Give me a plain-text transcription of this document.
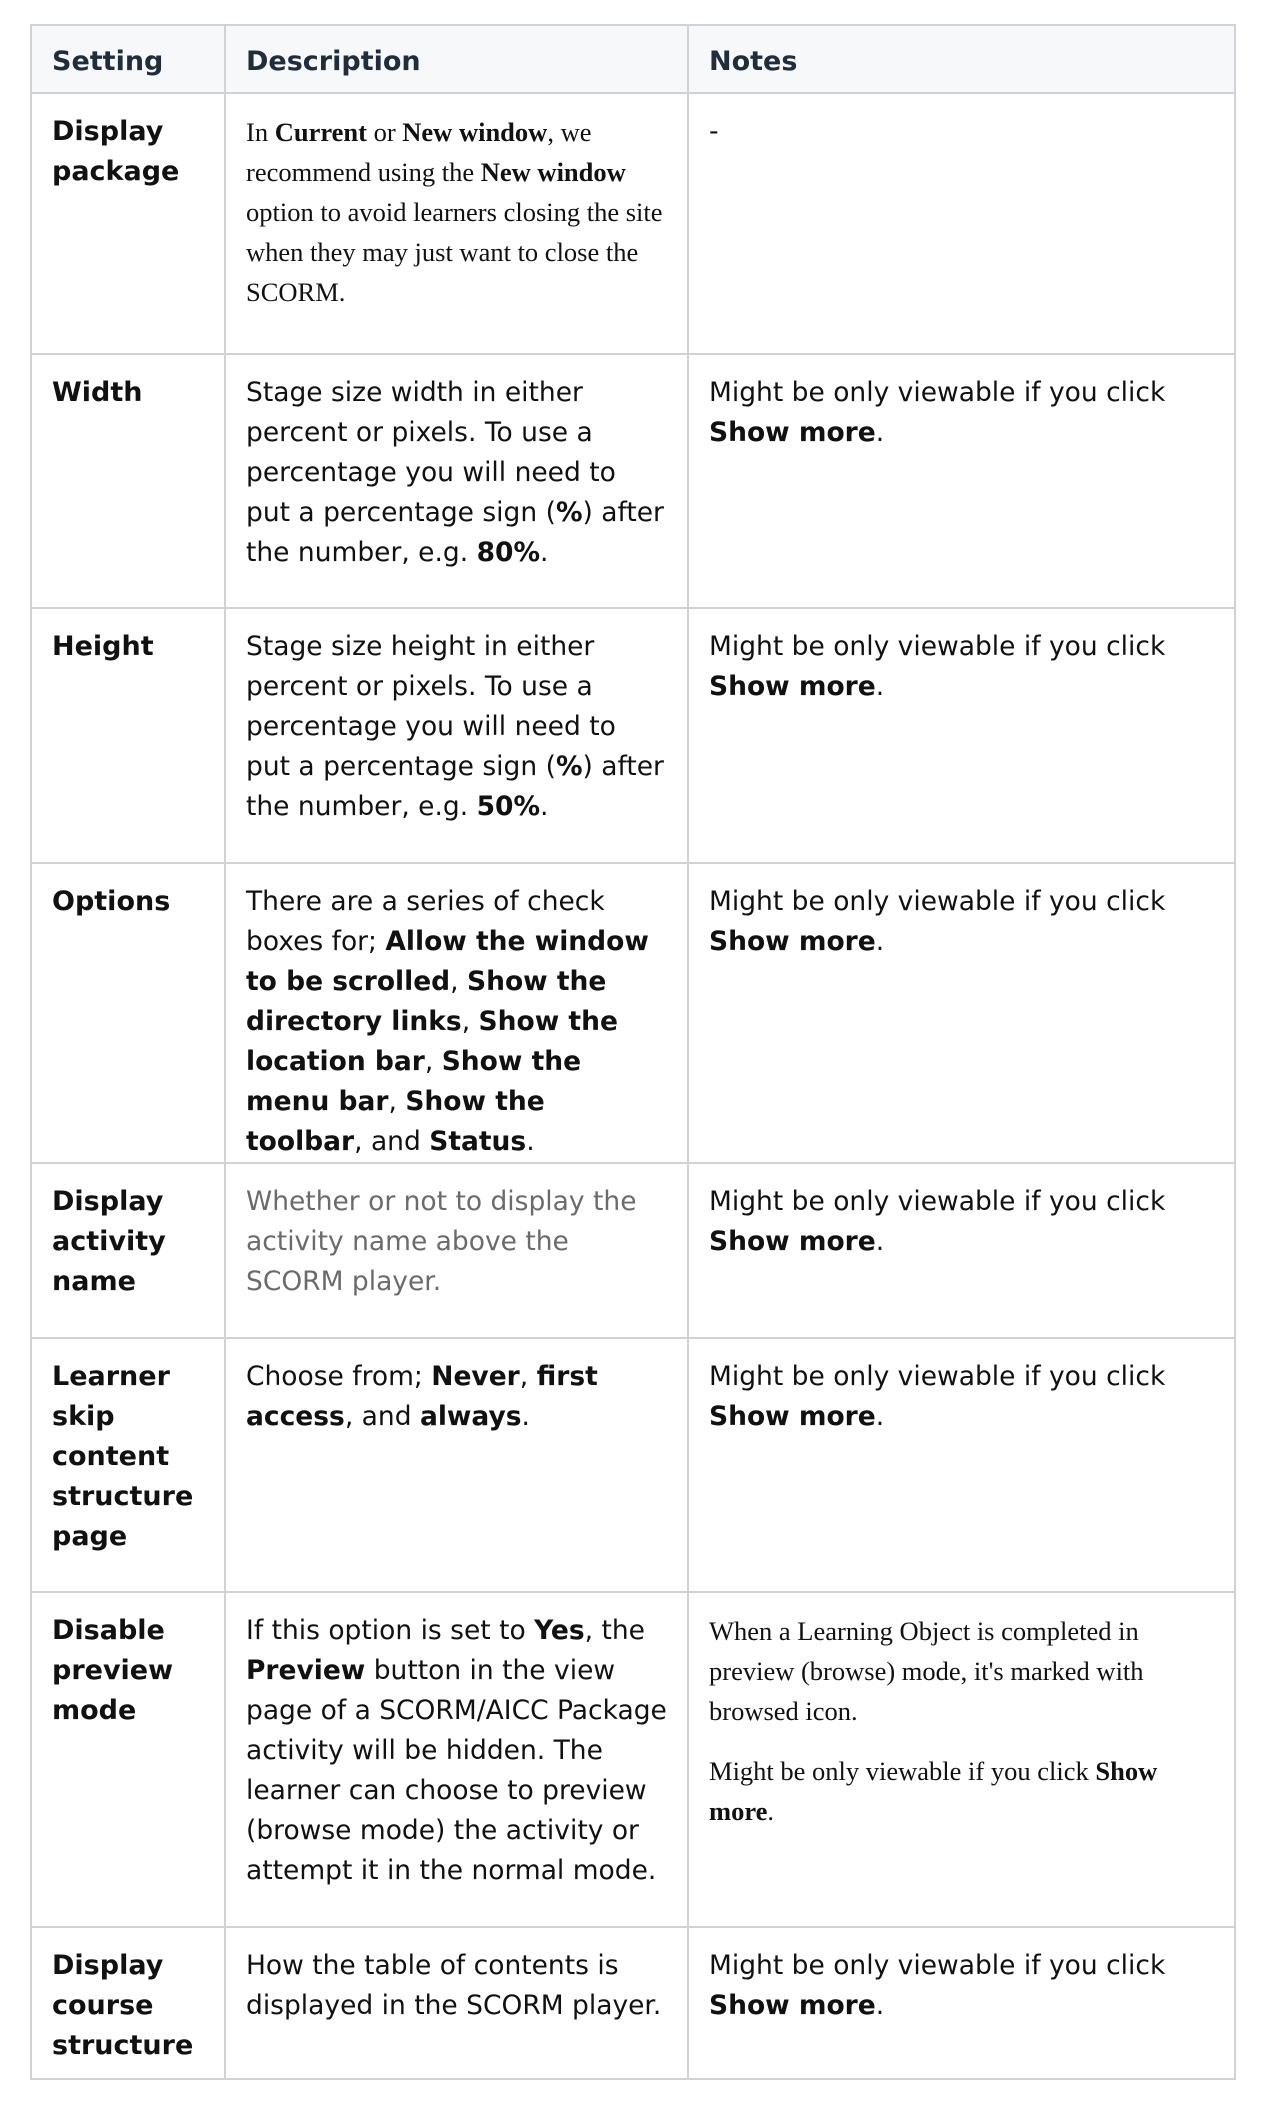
Setting	Description	Notes
Display package	In Current or New window, we recommend using the New window option to avoid learners closing the site when they may just want to close the SCORM.	-
Width	Stage size width in either percent or pixels. To use a percentage you will need to put a percentage sign (%) after the number, e.g. 80%.	Might be only viewable if you click Show more.
Height	Stage size height in either percent or pixels. To use a percentage you will need to put a percentage sign (%) after the number, e.g. 50%.	Might be only viewable if you click Show more.
Options	There are a series of check boxes for; Allow the window to be scrolled, Show the directory links, Show the location bar, Show the menu bar, Show the toolbar, and Status.	Might be only viewable if you click Show more.
Display activity name	Whether or not to display the activity name above the SCORM player.	Might be only viewable if you click Show more.
Learner skip content structure page	Choose from; Never, first access, and always.	Might be only viewable if you click Show more.
Disable preview mode	If this option is set to Yes, the Preview button in the view page of a SCORM/AICC Package activity will be hidden. The learner can choose to preview (browse mode) the activity or attempt it in the normal mode.	When a Learning Object is completed in preview (browse) mode, it's marked with browsed icon.
Might be only viewable if you click Show more.

Display course structure	How the table of contents is displayed in the SCORM player.	Might be only viewable if you click Show more.
